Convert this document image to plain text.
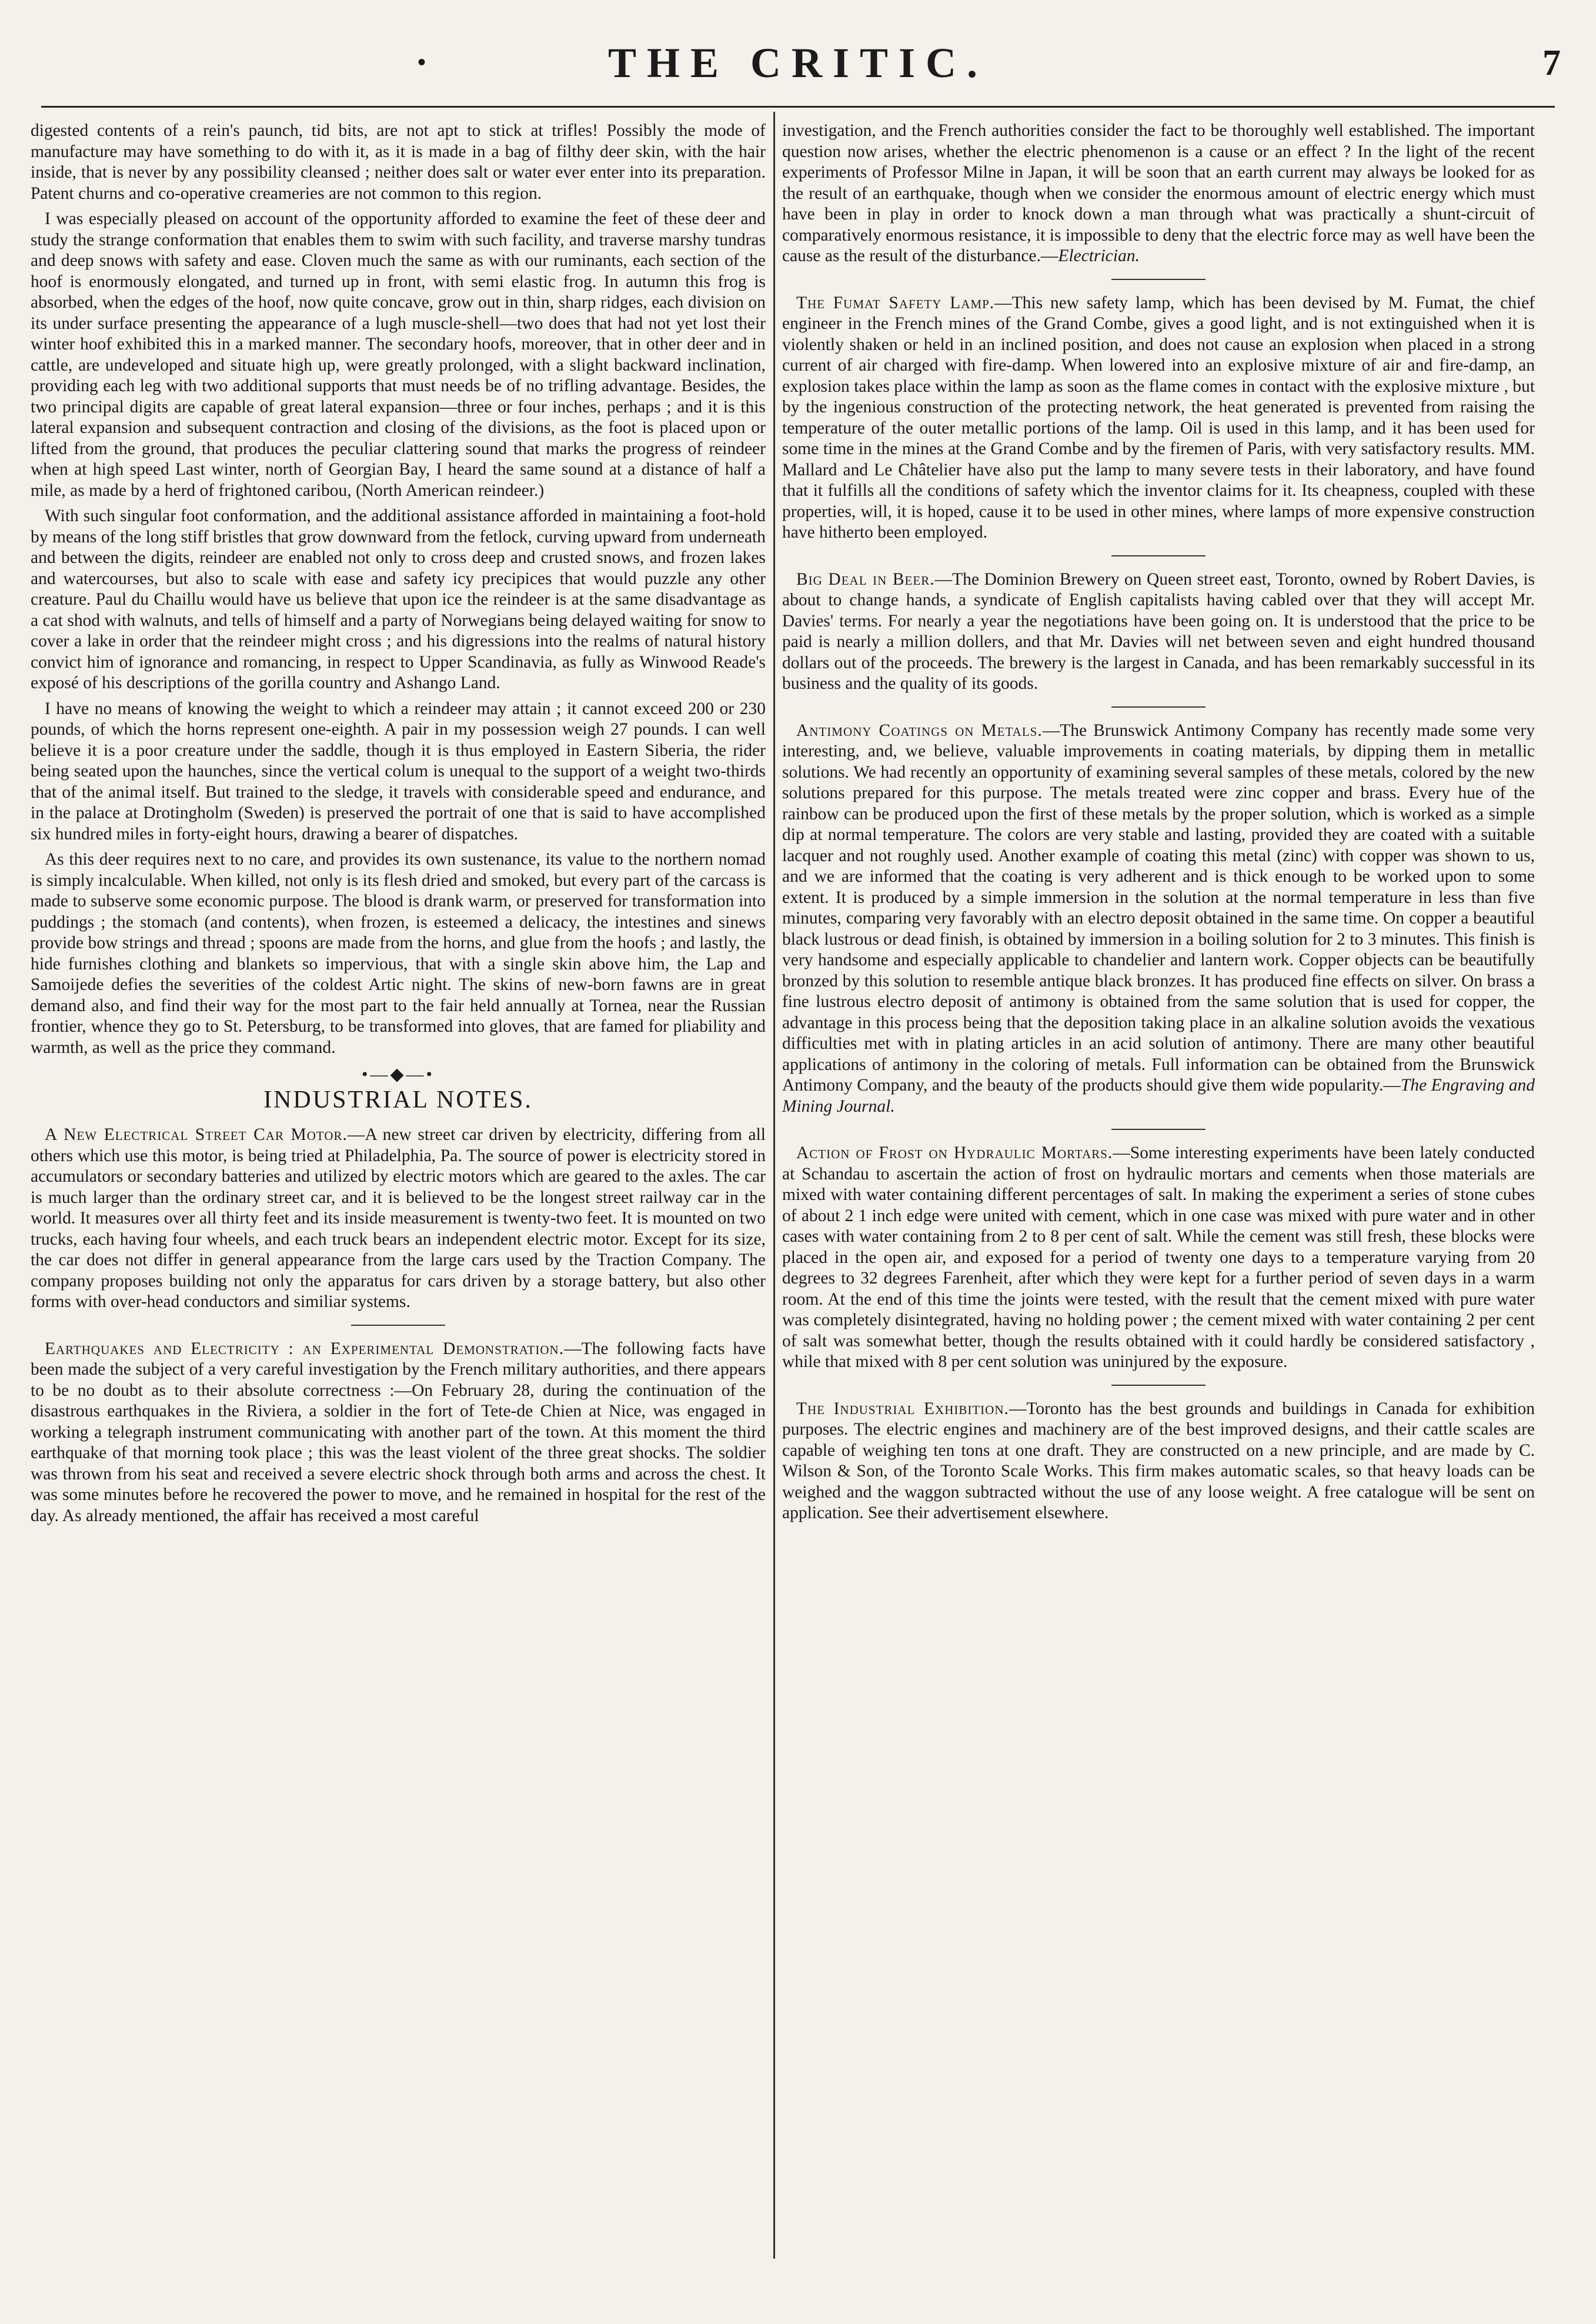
•	THE CRITIC.	7

digested contents of a rein's paunch, tid bits, are not apt to stick at trifles! Possibly the mode of manufacture may have something to do with it, as it is made in a bag of filthy deer skin, with the hair inside, that is never by any possibility cleansed ; neither does salt or water ever enter into its preparation. Patent churns and co-operative creameries are not common to this region.

I was especially pleased on account of the opportunity afforded to examine the feet of these deer and study the strange conformation that enables them to swim with such facility, and traverse marshy tundras and deep snows with safety and ease. Cloven much the same as with our ruminants, each section of the hoof is enormously elongated, and turned up in front, with semi elastic frog. In autumn this frog is absorbed, when the edges of the hoof, now quite concave, grow out in thin, sharp ridges, each division on its under surface presenting the appearance of a lugh muscle-shell—two does that had not yet lost their winter hoof exhibited this in a marked manner. The secondary hoofs, moreover, that in other deer and in cattle, are undeveloped and situate high up, were greatly prolonged, with a slight backward inclination, providing each leg with two additional supports that must needs be of no trifling advantage. Besides, the two principal digits are capable of great lateral expansion—three or four inches, perhaps ; and it is this lateral expansion and subsequent contraction and closing of the divisions, as the foot is placed upon or lifted from the ground, that produces the peculiar clattering sound that marks the progress of reindeer when at high speed Last winter, north of Georgian Bay, I heard the same sound at a distance of half a mile, as made by a herd of frightoned caribou, (North American reindeer.)

With such singular foot conformation, and the additional assistance afforded in maintaining a foot-hold by means of the long stiff bristles that grow downward from the fetlock, curving upward from underneath and between the digits, reindeer are enabled not only to cross deep and crusted snows, and frozen lakes and watercourses, but also to scale with ease and safety icy precipices that would puzzle any other creature. Paul du Chaillu would have us believe that upon ice the reindeer is at the same disadvantage as a cat shod with walnuts, and tells of himself and a party of Norwegians being delayed waiting for snow to cover a lake in order that the reindeer might cross ; and his digressions into the realms of natural history convict him of ignorance and romancing, in respect to Upper Scandinavia, as fully as Winwood Reade's exposé of his descriptions of the gorilla country and Ashango Land.

I have no means of knowing the weight to which a reindeer may attain ; it cannot exceed 200 or 230 pounds, of which the horns represent one-eighth. A pair in my possession weigh 27 pounds. I can well believe it is a poor creature under the saddle, though it is thus employed in Eastern Siberia, the rider being seated upon the haunches, since the vertical colum is unequal to the support of a weight two-thirds that of the animal itself. But trained to the sledge, it travels with considerable speed and endurance, and in the palace at Drotingholm (Sweden) is preserved the portrait of one that is said to have accomplished six hundred miles in forty-eight hours, drawing a bearer of dispatches.

As this deer requires next to no care, and provides its own sustenance, its value to the northern nomad is simply incalculable. When killed, not only is its flesh dried and smoked, but every part of the carcass is made to subserve some economic purpose. The blood is drank warm, or preserved for transformation into puddings ; the stomach (and contents), when frozen, is esteemed a delicacy, the intestines and sinews provide bow strings and thread ; spoons are made from the horns, and glue from the hoofs ; and lastly, the hide furnishes clothing and blankets so impervious, that with a single skin above him, the Lap and Samoijede defies the severities of the coldest Artic night. The skins of new-born fawns are in great demand also, and find their way for the most part to the fair held annually at Tornea, near the Russian frontier, whence they go to St. Petersburg, to be transformed into gloves, that are famed for pliability and warmth, as well as the price they command.

•—◆—•
INDUSTRIAL NOTES.

A New Electrical Street Car Motor.—A new street car driven by electricity, differing from all others which use this motor, is being tried at Philadelphia, Pa. The source of power is electricity stored in accumulators or secondary batteries and utilized by electric motors which are geared to the axles. The car is much larger than the ordinary street car, and it is believed to be the longest street railway car in the world. It measures over all thirty feet and its inside measurement is twenty-two feet. It is mounted on two trucks, each having four wheels, and each truck bears an independent electric motor. Except for its size, the car does not differ in general appearance from the large cars used by the Traction Company. The company proposes building not only the apparatus for cars driven by a storage battery, but also other forms with over-head conductors and similiar systems.

Earthquakes and Electricity : an Experimental Demonstration.—The following facts have been made the subject of a very careful investigation by the French military authorities, and there appears to be no doubt as to their absolute correctness :—On February 28, during the continuation of the disastrous earthquakes in the Riviera, a soldier in the fort of Tete-de Chien at Nice, was engaged in working a telegraph instrument communicating with another part of the town. At this moment the third earthquake of that morning took place ; this was the least violent of the three great shocks. The soldier was thrown from his seat and received a severe electric shock through both arms and across the chest. It was some minutes before he recovered the power to move, and he remained in hospital for the rest of the day. As already mentioned, the affair has received a most careful

investigation, and the French authorities consider the fact to be thoroughly well established. The important question now arises, whether the electric phenomenon is a cause or an effect ? In the light of the recent experiments of Professor Milne in Japan, it will be soon that an earth current may always be looked for as the result of an earthquake, though when we consider the enormous amount of electric energy which must have been in play in order to knock down a man through what was practically a shunt-circuit of comparatively enormous resistance, it is impossible to deny that the electric force may as well have been the cause as the result of the disturbance.—Electrician.

The Fumat Safety Lamp.—This new safety lamp, which has been devised by M. Fumat, the chief engineer in the French mines of the Grand Combe, gives a good light, and is not extinguished when it is violently shaken or held in an inclined position, and does not cause an explosion when placed in a strong current of air charged with fire-damp. When lowered into an explosive mixture of air and fire-damp, an explosion takes place within the lamp as soon as the flame comes in contact with the explosive mixture , but by the ingenious construction of the protecting network, the heat generated is prevented from raising the temperature of the outer metallic portions of the lamp. Oil is used in this lamp, and it has been used for some time in the mines at the Grand Combe and by the firemen of Paris, with very satisfactory results. MM. Mallard and Le Châtelier have also put the lamp to many severe tests in their laboratory, and have found that it fulfills all the conditions of safety which the inventor claims for it. Its cheapness, coupled with these properties, will, it is hoped, cause it to be used in other mines, where lamps of more expensive construction have hitherto been employed.

Big Deal in Beer.—The Dominion Brewery on Queen street east, Toronto, owned by Robert Davies, is about to change hands, a syndicate of English capitalists having cabled over that they will accept Mr. Davies' terms. For nearly a year the negotiations have been going on. It is understood that the price to be paid is nearly a million dollers, and that Mr. Davies will net between seven and eight hundred thousand dollars out of the proceeds. The brewery is the largest in Canada, and has been remarkably successful in its business and the quality of its goods.

Antimony Coatings on Metals.—The Brunswick Antimony Company has recently made some very interesting, and, we believe, valuable improvements in coating materials, by dipping them in metallic solutions. We had recently an opportunity of examining several samples of these metals, colored by the new solutions prepared for this purpose. The metals treated were zinc copper and brass. Every hue of the rainbow can be produced upon the first of these metals by the proper solution, which is worked as a simple dip at normal temperature. The colors are very stable and lasting, provided they are coated with a suitable lacquer and not roughly used. Another example of coating this metal (zinc) with copper was shown to us, and we are informed that the coating is very adherent and is thick enough to be worked upon to some extent. It is produced by a simple immersion in the solution at the normal temperature in less than five minutes, comparing very favorably with an electro deposit obtained in the same time. On copper a beautiful black lustrous or dead finish, is obtained by immersion in a boiling solution for 2 to 3 minutes. This finish is very handsome and especially applicable to chandelier and lantern work. Copper objects can be beautifully bronzed by this solution to resemble antique black bronzes. It has produced fine effects on silver. On brass a fine lustrous electro deposit of antimony is obtained from the same solution that is used for copper, the advantage in this process being that the deposition taking place in an alkaline solution avoids the vexatious difficulties met with in plating articles in an acid solution of antimony. There are many other beautiful applications of antimony in the coloring of metals. Full information can be obtained from the Brunswick Antimony Company, and the beauty of the products should give them wide popularity.—The Engraving and Mining Journal.

Action of Frost on Hydraulic Mortars.—Some interesting experiments have been lately conducted at Schandau to ascertain the action of frost on hydraulic mortars and cements when those materials are mixed with water containing different percentages of salt. In making the experiment a series of stone cubes of about 2 1 inch edge were united with cement, which in one case was mixed with pure water and in other cases with water containing from 2 to 8 per cent of salt. While the cement was still fresh, these blocks were placed in the open air, and exposed for a period of twenty one days to a temperature varying from 20 degrees to 32 degrees Farenheit, after which they were kept for a further period of seven days in a warm room. At the end of this time the joints were tested, with the result that the cement mixed with pure water was completely disintegrated, having no holding power ; the cement mixed with water containing 2 per cent of salt was somewhat better, though the results obtained with it could hardly be considered satisfactory , while that mixed with 8 per cent solution was uninjured by the exposure.

The Industrial Exhibition.—Toronto has the best grounds and buildings in Canada for exhibition purposes. The electric engines and machinery are of the best improved designs, and their cattle scales are capable of weighing ten tons at one draft. They are constructed on a new principle, and are made by C. Wilson & Son, of the Toronto Scale Works. This firm makes automatic scales, so that heavy loads can be weighed and the waggon subtracted without the use of any loose weight. A free catalogue will be sent on application. See their advertisement elsewhere.
